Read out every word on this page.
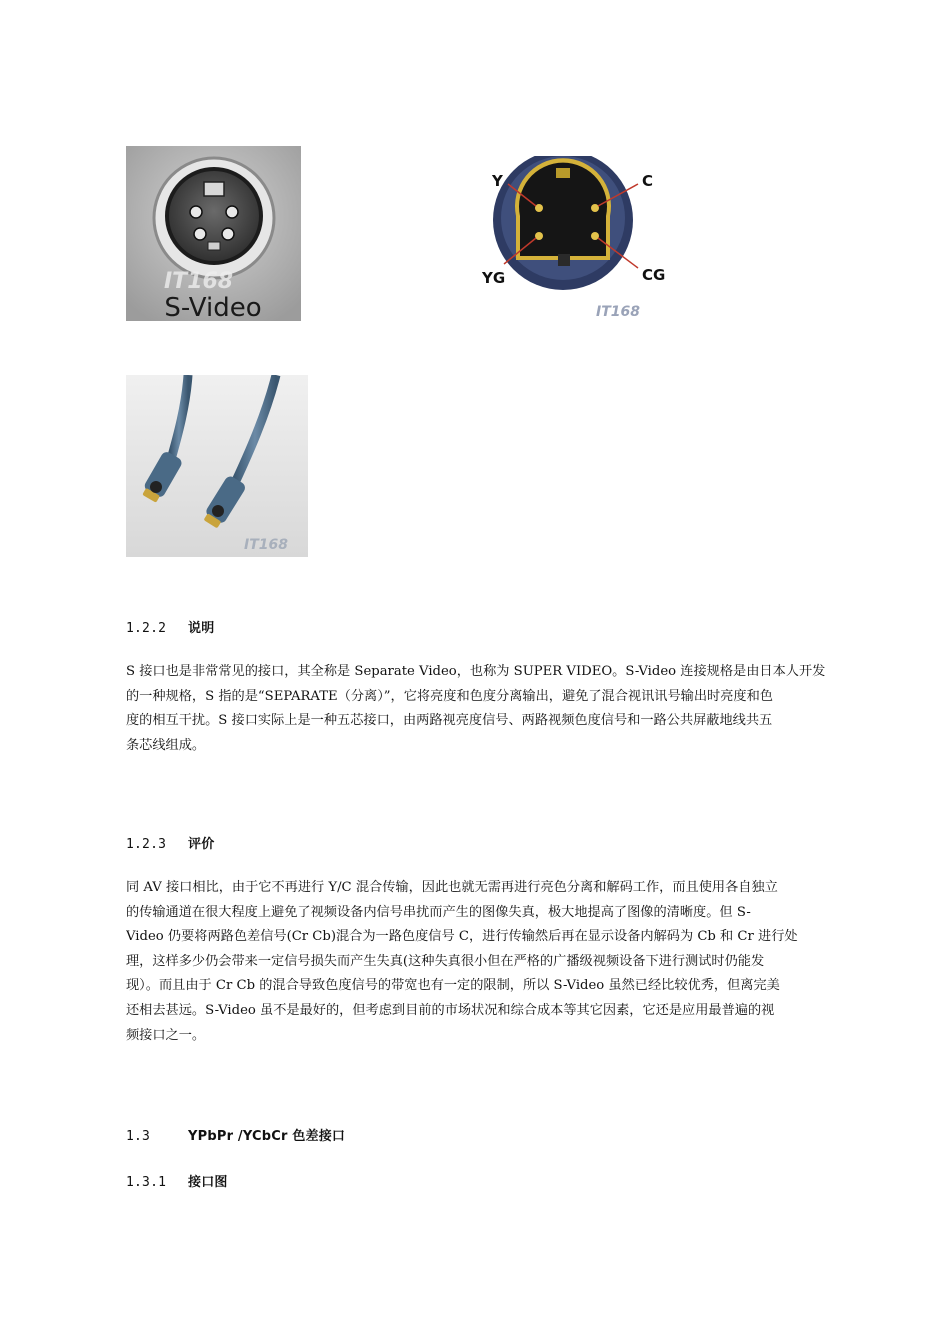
IT168
S-Video
Y	C
YG	CG
IT168
IT168
1.2.2 说明
S 接口也是非常常见的接口，其全称是 Separate Video，也称为 SUPER VIDEO。S-Video 连接规格是由日本人开发
的一种规格，S 指的是“SEPARATE（分离）”，它将亮度和色度分离输出，避免了混合视讯讯号输出时亮度和色
度的相互干扰。S 接口实际上是一种五芯接口，由两路视亮度信号、两路视频色度信号和一路公共屏蔽地线共五
条芯线组成。
1.2.3 评价
同 AV 接口相比，由于它不再进行 Y/C 混合传输，因此也就无需再进行亮色分离和解码工作，而且使用各自独立
的传输通道在很大程度上避免了视频设备内信号串扰而产生的图像失真，极大地提高了图像的清晰度。但 S-
Video 仍要将两路色差信号(Cr Cb)混合为一路色度信号 C，进行传输然后再在显示设备内解码为 Cb 和 Cr 进行处
理，这样多少仍会带来一定信号损失而产生失真(这种失真很小但在严格的广播级视频设备下进行测试时仍能发
现）。而且由于 Cr Cb 的混合导致色度信号的带宽也有一定的限制，所以 S-Video 虽然已经比较优秀，但离完美
还相去甚远。S-Video 虽不是最好的，但考虑到目前的市场状况和综合成本等其它因素，它还是应用最普遍的视
频接口之一。
1.3	YPbPr /YCbCr 色差接口
1.3.1 接口图
